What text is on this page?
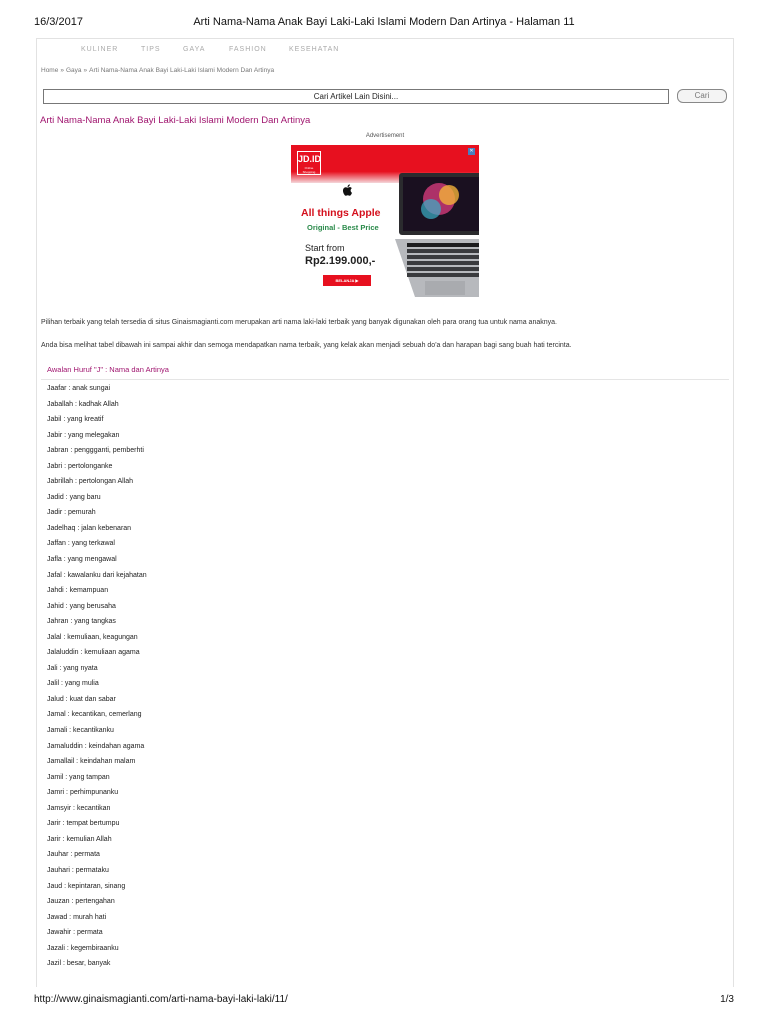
16/3/2017	Arti Nama-Nama Anak Bayi Laki-Laki Islami Modern Dan Artinya - Halaman 11
KULINER	TIPS	GAYA	FASHION	KESEHATAN
Home » Gaya » Arti Nama-Nama Anak Bayi Laki-Laki Islami Modern Dan Artinya
Cari Artikel Lain Disini...	Cari
Arti Nama-Nama Anak Bayi Laki-Laki Islami Modern Dan Artinya
Advertisement
JD.ID
Online Shopping
✕
All things Apple
Original - Best Price
Start from
Rp2.199.000,-
BELANJA ▶

Pilihan terbaik yang telah tersedia di situs Ginaismagianti.com merupakan arti nama laki-laki terbaik yang banyak digunakan oleh para orang tua untuk nama anaknya.

Anda bisa melihat tabel dibawah ini sampai akhir dan semoga mendapatkan nama terbaik, yang kelak akan menjadi sebuah do'a dan harapan bagi sang buah hati tercinta.

Awalan Huruf "J" : Nama dan Artinya
Jaafar : anak sungai
Jaballah : kadhak Allah
Jabil : yang kreatif
Jabir : yang melegakan
Jabran : penggganti, pemberhti
Jabri : pertolonganke
Jabrillah : pertolongan Allah
Jadid : yang baru
Jadir : pemurah
Jadelhaq : jalan kebenaran
Jaffan : yang terkawal
Jafla : yang mengawal
Jafal : kawalanku dari kejahatan
Jahdi : kemampuan
Jahid : yang berusaha
Jahran : yang tangkas
Jalal : kemuliaan, keagungan
Jalaluddin : kemuliaan agama
Jali : yang nyata
Jalil : yang mulia
Jalud : kuat dan sabar
Jamal : kecantikan, cemerlang
Jamali : kecantikanku
Jamaluddin : keindahan agama
Jamallail : keindahan malam
Jamil : yang tampan
Jamri : perhimpunanku
Jamsyir : kecantikan
Jarir : tempat bertumpu
Jarir : kemulian Allah
Jauhar : permata
Jauhari : permataku
Jaud : kepintaran, sinang
Jauzan : pertengahan
Jawad : murah hati
Jawahir : permata
Jazali : kegembiraanku
Jazil : besar, banyak
http://www.ginaismagianti.com/arti-nama-bayi-laki-laki/11/	1/3
